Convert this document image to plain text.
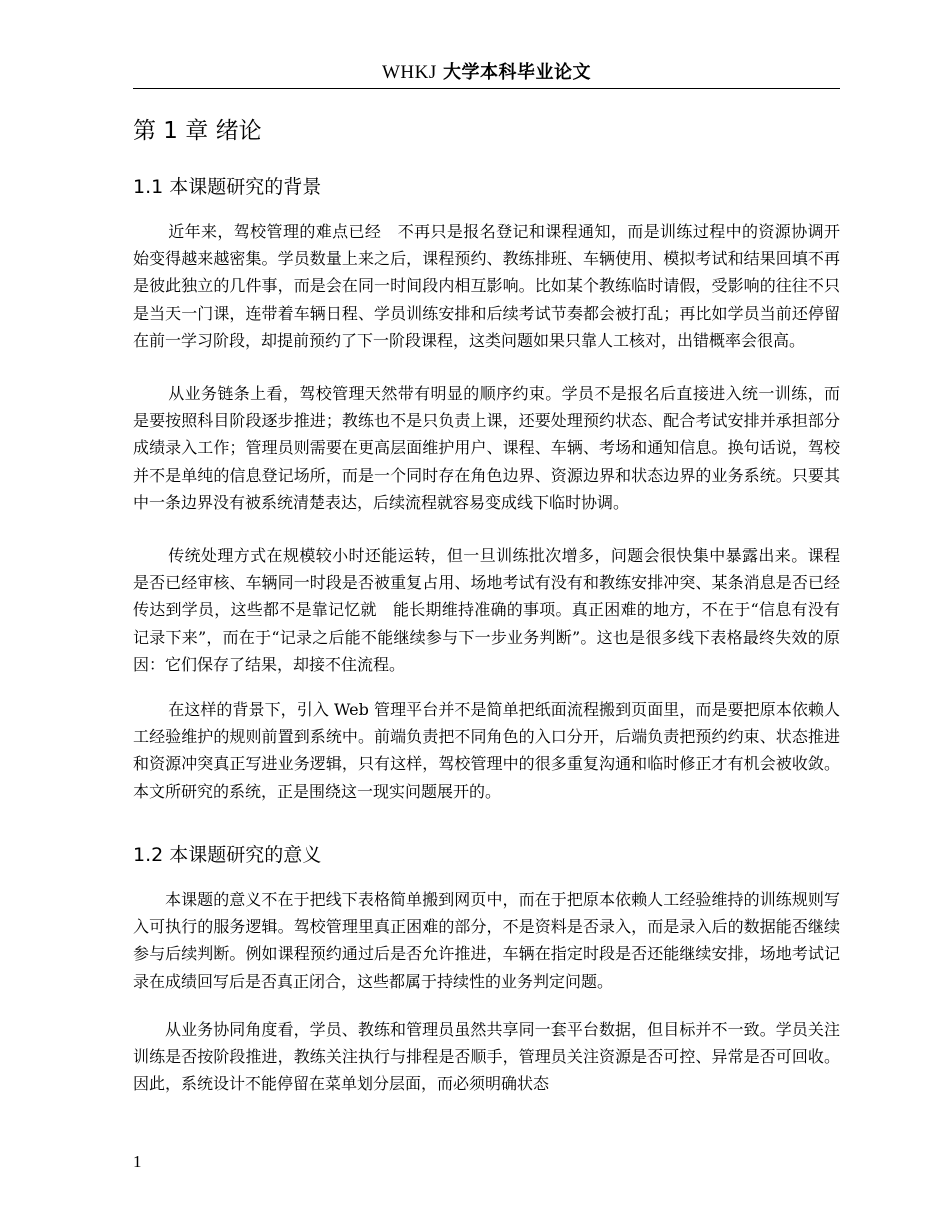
WHKJ 大学本科毕业论文
第 1 章 绪论
1.1 本课题研究的背景

近年来，驾校管理的难点已经　不再只是报名登记和课程通知，而是训练过程中的资源协调开始变得越来越密集。学员数量上来之后，课程预约、教练排班、车辆使用、模拟考试和结果回填不再是彼此独立的几件事，而是会在同一时间段内相互影响。比如某个教练临时请假，受影响的往往不只是当天一门课，连带着车辆日程、学员训练安排和后续考试节奏都会被打乱；再比如学员当前还停留在前一学习阶段，却提前预约了下一阶段课程，这类问题如果只靠人工核对，出错概率会很高。

从业务链条上看，驾校管理天然带有明显的顺序约束。学员不是报名后直接进入统一训练，而是要按照科目阶段逐步推进；教练也不是只负责上课，还要处理预约状态、配合考试安排并承担部分成绩录入工作；管理员则需要在更高层面维护用户、课程、车辆、考场和通知信息。换句话说，驾校并不是单纯的信息登记场所，而是一个同时存在角色边界、资源边界和状态边界的业务系统。只要其中一条边界没有被系统清楚表达，后续流程就容易变成线下临时协调。

传统处理方式在规模较小时还能运转，但一旦训练批次增多，问题会很快集中暴露出来。课程是否已经审核、车辆同一时段是否被重复占用、场地考试有没有和教练安排冲突、某条消息是否已经传达到学员，这些都不是靠记忆就　能长期维持准确的事项。真正困难的地方，不在于“信息有没有记录下来”，而在于“记录之后能不能继续参与下一步业务判断”。这也是很多线下表格最终失效的原因：它们保存了结果，却接不住流程。

在这样的背景下，引入 Web 管理平台并不是简单把纸面流程搬到页面里，而是要把原本依赖人工经验维护的规则前置到系统中。前端负责把不同角色的入口分开，后端负责把预约约束、状态推进和资源冲突真正写进业务逻辑，只有这样，驾校管理中的很多重复沟通和临时修正才有机会被收敛。本文所研究的系统，正是围绕这一现实问题展开的。

1.2 本课题研究的意义

本课题的意义不在于把线下表格简单搬到网页中，而在于把原本依赖人工经验维持的训练规则写入可执行的服务逻辑。驾校管理里真正困难的部分，不是资料是否录入，而是录入后的数据能否继续参与后续判断。例如课程预约通过后是否允许推进，车辆在指定时段是否还能继续安排，场地考试记录在成绩回写后是否真正闭合，这些都属于持续性的业务判定问题。

从业务协同角度看，学员、教练和管理员虽然共享同一套平台数据，但目标并不一致。学员关注训练是否按阶段推进，教练关注执行与排程是否顺手，管理员关注资源是否可控、异常是否可回收。因此，系统设计不能停留在菜单划分层面，而必须明确状态

1
